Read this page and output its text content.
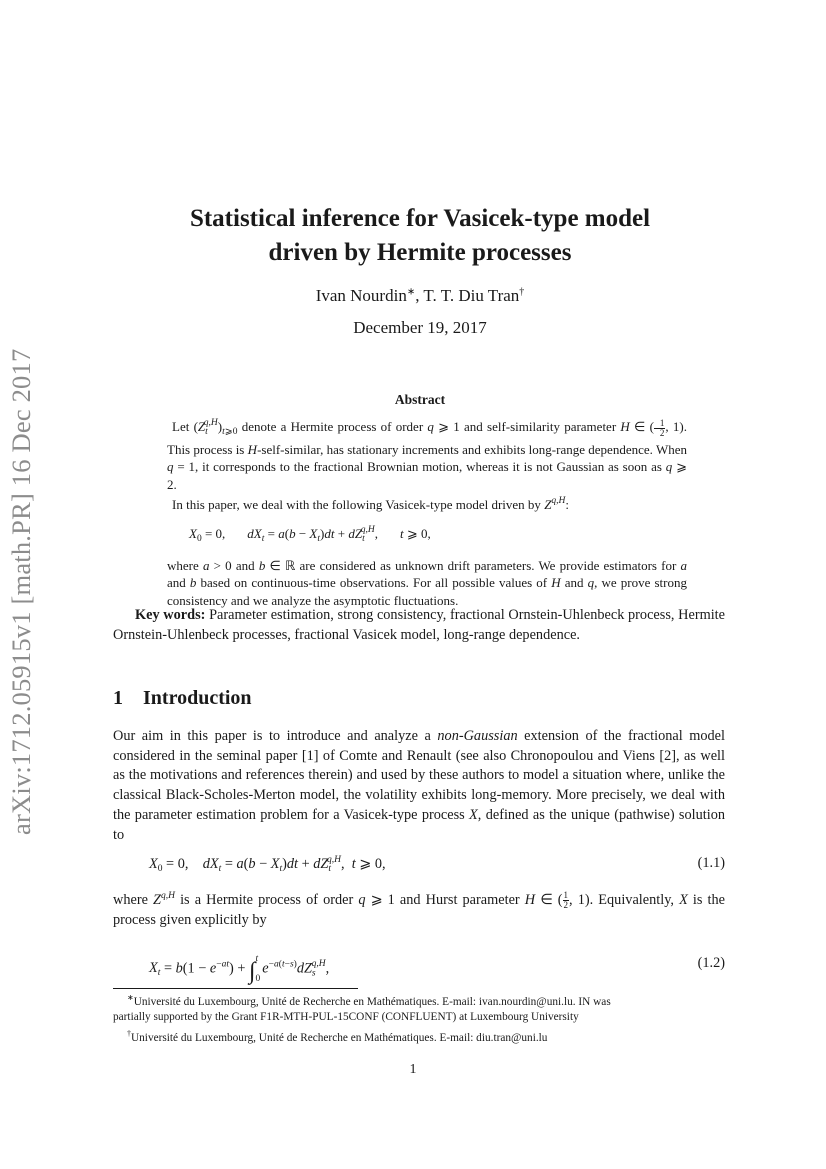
arXiv:1712.05915v1 [math.PR] 16 Dec 2017
Statistical inference for Vasicek-type model
driven by Hermite processes
Ivan Nourdin∗, T. T. Diu Tran†
December 19, 2017
Abstract

Let $(Z_t^{q,H})_{t⩾0}$ denote a Hermite process of order q ⩾ 1 and self-similarity parameter H ∈ ( $\frac{1}{2}$ , 1). This process is H-self-similar, has stationary increments and exhibits long-range dependence. When q = 1, it corresponds to the fractional Brownian motion, whereas it is not Gaussian as soon as q ⩾ 2.

In this paper, we deal with the following Vasicek-type model driven by $Z^{q,H}$:

$X_0 = 0$, $dX_t = a(b - X_t)dt + dZ_t^{q,H}$, t ⩾ 0,

where a > 0 and b ∈ ℝ are considered as unknown drift parameters. We provide estimators for a and b based on continuous-time observations. For all possible values of H and q, we prove strong consistency and we analyze the asymptotic fluctuations.

Key words: Parameter estimation, strong consistency, fractional Ornstein-Uhlenbeck process, Hermite Ornstein-Uhlenbeck processes, fractional Vasicek model, long-range dependence.
1 Introduction

Our aim in this paper is to introduce and analyze a non-Gaussian extension of the fractional model considered in the seminal paper [1] of Comte and Renault (see also Chronopoulou and Viens [2], as well as the motivations and references therein) and used by these authors to model a situation where, unlike the classical Black-Scholes-Merton model, the volatility exhibits long-memory. More precisely, we deal with the parameter estimation problem for a Vasicek-type process X, defined as the unique (pathwise) solution to

$X_0 = 0$,    $dX_t = a(b - X_t)dt + dZ_t^{q,H}$,  t ⩾ 0,	(1.1)

where $Z^{q,H}$ is a Hermite process of order q ⩾ 1 and Hurst parameter H ∈ ( $\frac{1}{2}$ , 1). Equivalently, X is the process given explicitly by

$X_t = b(1 - e^{-at})$ + ∫ t
0
$e^{-a(t-s)}dZ_s^{q,H}$,	(1.2)

∗Université du Luxembourg, Unité de Recherche en Mathématiques. E-mail: ivan.nourdin@uni.lu. IN was

partially supported by the Grant F1R-MTH-PUL-15CONF (CONFLUENT) at Luxembourg University

†Université du Luxembourg, Unité de Recherche en Mathématiques. E-mail: diu.tran@uni.lu

1
